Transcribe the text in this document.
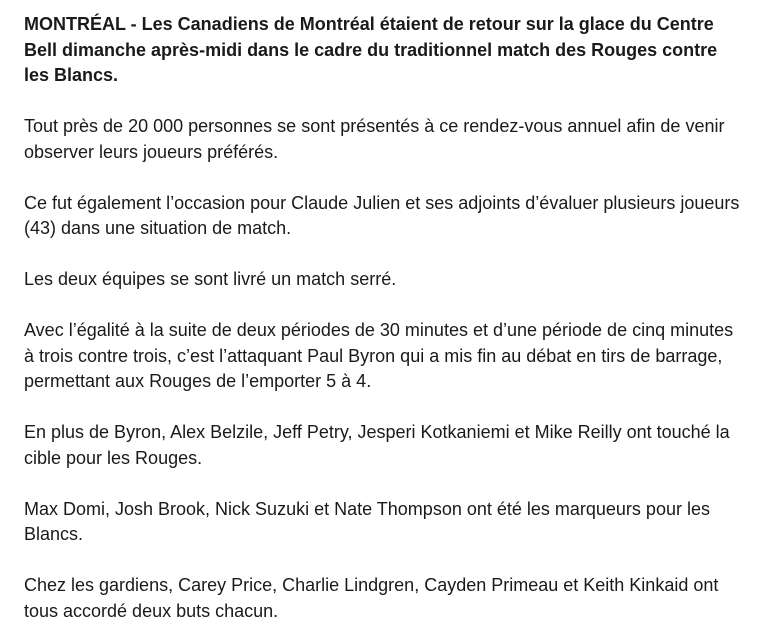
MONTRÉAL - Les Canadiens de Montréal étaient de retour sur la glace du Centre Bell dimanche après-midi dans le cadre du traditionnel match des Rouges contre les Blancs.

Tout près de 20 000 personnes se sont présentés à ce rendez-vous annuel afin de venir observer leurs joueurs préférés.

Ce fut également l’occasion pour Claude Julien et ses adjoints d’évaluer plusieurs joueurs (43) dans une situation de match.

Les deux équipes se sont livré un match serré.

Avec l’égalité à la suite de deux périodes de 30 minutes et d’une période de cinq minutes à trois contre trois, c’est l’attaquant Paul Byron qui a mis fin au débat en tirs de barrage, permettant aux Rouges de l’emporter 5 à 4.

En plus de Byron, Alex Belzile, Jeff Petry, Jesperi Kotkaniemi et Mike Reilly ont touché la cible pour les Rouges.

Max Domi, Josh Brook, Nick Suzuki et Nate Thompson ont été les marqueurs pour les Blancs.

Chez les gardiens, Carey Price, Charlie Lindgren, Cayden Primeau et Keith Kinkaid ont tous accordé deux buts chacun.
